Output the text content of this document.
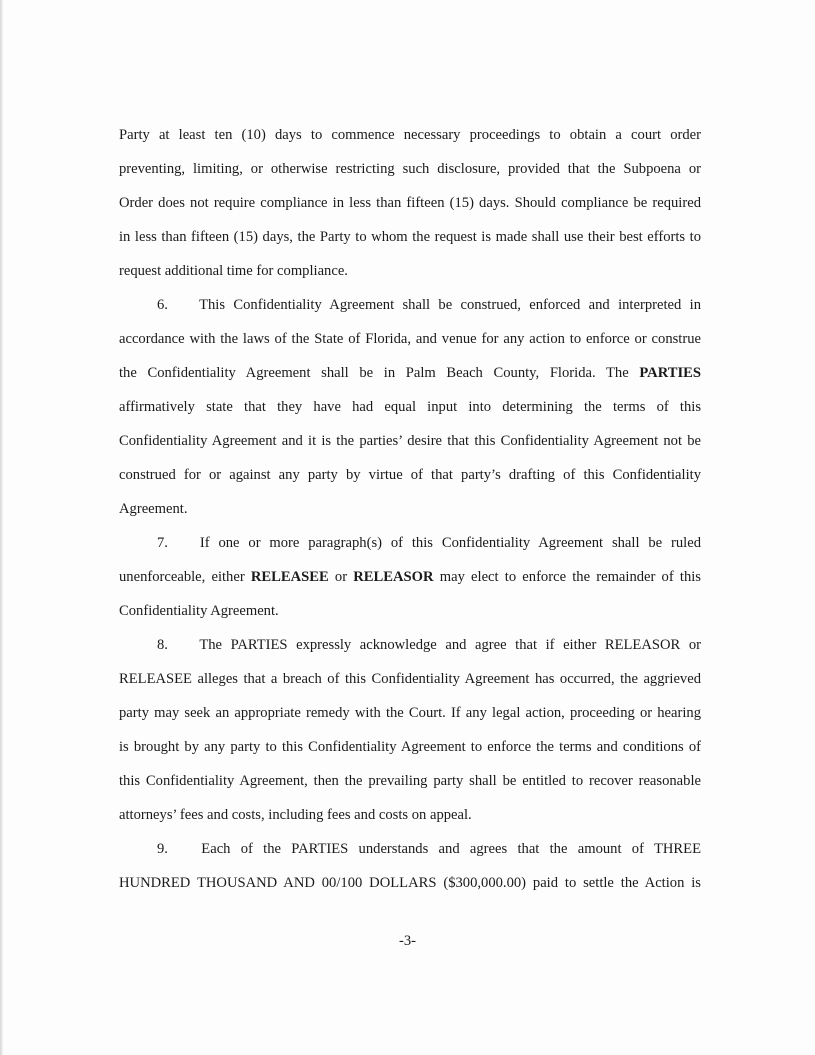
Party at least ten (10) days to commence necessary proceedings to obtain a court order
preventing, limiting, or otherwise restricting such disclosure, provided that the Subpoena or
Order does not require compliance in less than fifteen (15) days. Should compliance be required
in less than fifteen (15) days, the Party to whom the request is made shall use their best efforts to
request additional time for compliance.
6. This Confidentiality Agreement shall be construed, enforced and interpreted in
accordance with the laws of the State of Florida, and venue for any action to enforce or construe
the Confidentiality Agreement shall be in Palm Beach County, Florida. The PARTIES
affirmatively state that they have had equal input into determining the terms of this
Confidentiality Agreement and it is the parties’ desire that this Confidentiality Agreement not be
construed for or against any party by virtue of that party’s drafting of this Confidentiality
Agreement.
7. If one or more paragraph(s) of this Confidentiality Agreement shall be ruled
unenforceable, either RELEASEE or RELEASOR may elect to enforce the remainder of this
Confidentiality Agreement.
8. The PARTIES expressly acknowledge and agree that if either RELEASOR or
RELEASEE alleges that a breach of this Confidentiality Agreement has occurred, the aggrieved
party may seek an appropriate remedy with the Court. If any legal action, proceeding or hearing
is brought by any party to this Confidentiality Agreement to enforce the terms and conditions of
this Confidentiality Agreement, then the prevailing party shall be entitled to recover reasonable
attorneys’ fees and costs, including fees and costs on appeal.
9. Each of the PARTIES understands and agrees that the amount of THREE
HUNDRED THOUSAND AND 00/100 DOLLARS ($300,000.00) paid to settle the Action is
-3-
